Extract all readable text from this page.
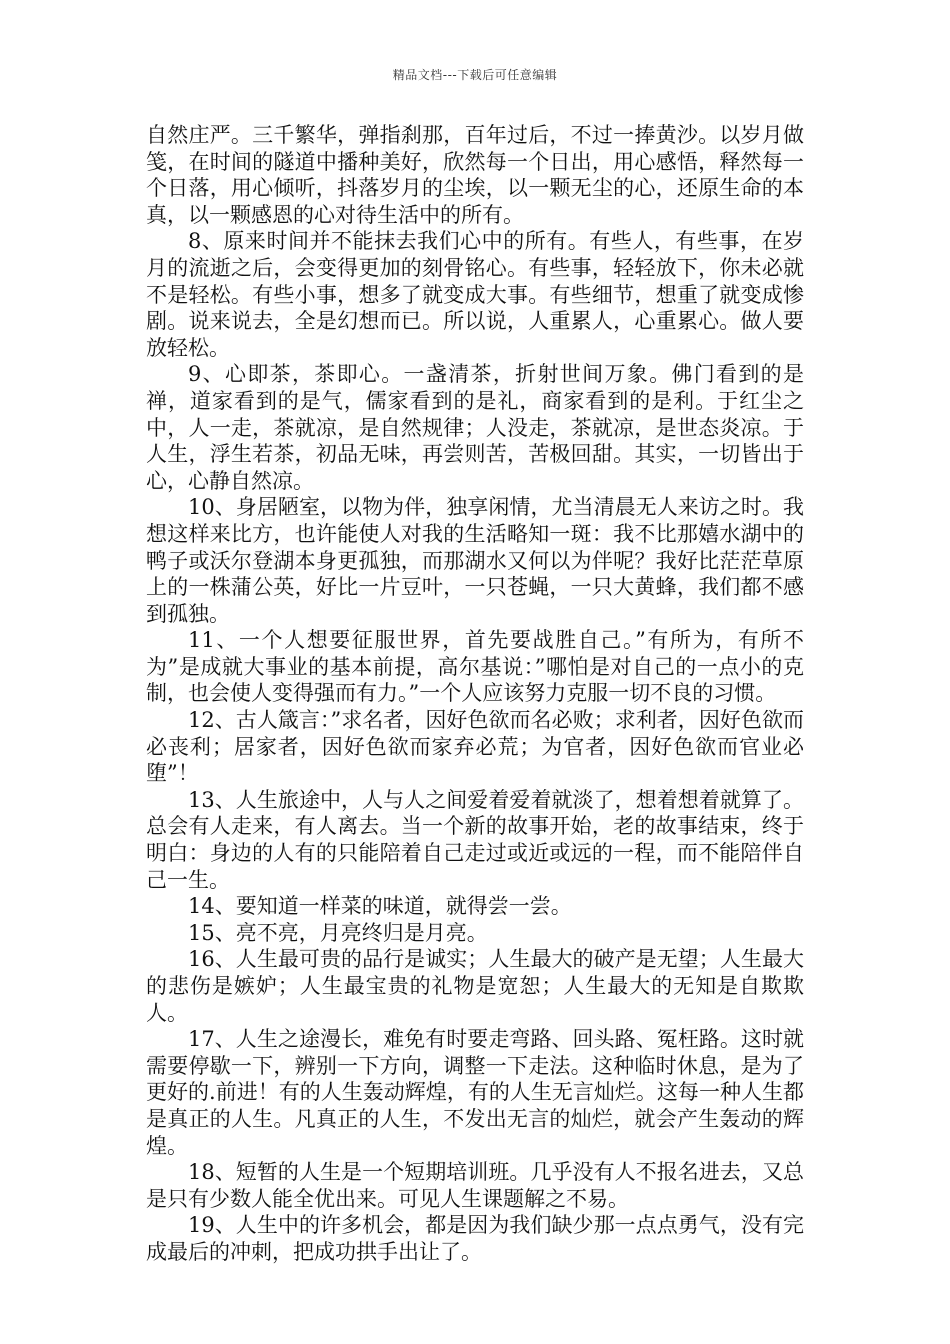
精品文档---下载后可任意编辑

自然庄严。三千繁华，弹指刹那，百年过后，不过一捧黄沙。以岁月做笺，在时间的隧道中播种美好，欣然每一个日出，用心感悟，释然每一个日落，用心倾听，抖落岁月的尘埃，以一颗无尘的心，还原生命的本真，以一颗感恩的心对待生活中的所有。

8、原来时间并不能抹去我们心中的所有。有些人，有些事，在岁月的流逝之后，会变得更加的刻骨铭心。有些事，轻轻放下，你未必就不是轻松。有些小事，想多了就变成大事。有些细节，想重了就变成惨剧。说来说去，全是幻想而已。所以说，人重累人，心重累心。做人要放轻松。

9、心即茶，茶即心。一盏清茶，折射世间万象。佛门看到的是禅，道家看到的是气，儒家看到的是礼，商家看到的是利。于红尘之中，人一走，茶就凉，是自然规律；人没走，茶就凉，是世态炎凉。于人生，浮生若茶，初品无味，再尝则苦，苦极回甜。其实，一切皆出于心，心静自然凉。

10、身居陋室，以物为伴，独享闲情，尤当清晨无人来访之时。我想这样来比方，也许能使人对我的生活略知一斑：我不比那嬉水湖中的鸭子或沃尔登湖本身更孤独，而那湖水又何以为伴呢？我好比茫茫草原上的一株蒲公英，好比一片豆叶，一只苍蝇，一只大黄蜂，我们都不感到孤独。

11、一个人想要征服世界，首先要战胜自己。”有所为，有所不为”是成就大事业的基本前提，高尔基说：”哪怕是对自己的一点小的克制，也会使人变得强而有力。”一个人应该努力克服一切不良的习惯。

12、古人箴言：”求名者，因好色欲而名必败；求利者，因好色欲而必丧利；居家者，因好色欲而家弃必荒；为官者，因好色欲而官业必堕”！

13、人生旅途中，人与人之间爱着爱着就淡了，想着想着就算了。总会有人走来，有人离去。当一个新的故事开始，老的故事结束，终于明白：身边的人有的只能陪着自己走过或近或远的一程，而不能陪伴自己一生。

14、要知道一样菜的味道，就得尝一尝。

15、亮不亮，月亮终归是月亮。

16、人生最可贵的品行是诚实；人生最大的破产是无望；人生最大的悲伤是嫉妒；人生最宝贵的礼物是宽恕；人生最大的无知是自欺欺人。

17、人生之途漫长，难免有时要走弯路、回头路、冤枉路。这时就需要停歇一下，辨别一下方向，调整一下走法。这种临时休息，是为了更好的.前进！有的人生轰动辉煌，有的人生无言灿烂。这每一种人生都是真正的人生。凡真正的人生，不发出无言的灿烂，就会产生轰动的辉煌。

18、短暂的人生是一个短期培训班。几乎没有人不报名进去，又总是只有少数人能全优出来。可见人生课题解之不易。

19、人生中的许多机会，都是因为我们缺少那一点点勇气，没有完成最后的冲刺，把成功拱手出让了。
